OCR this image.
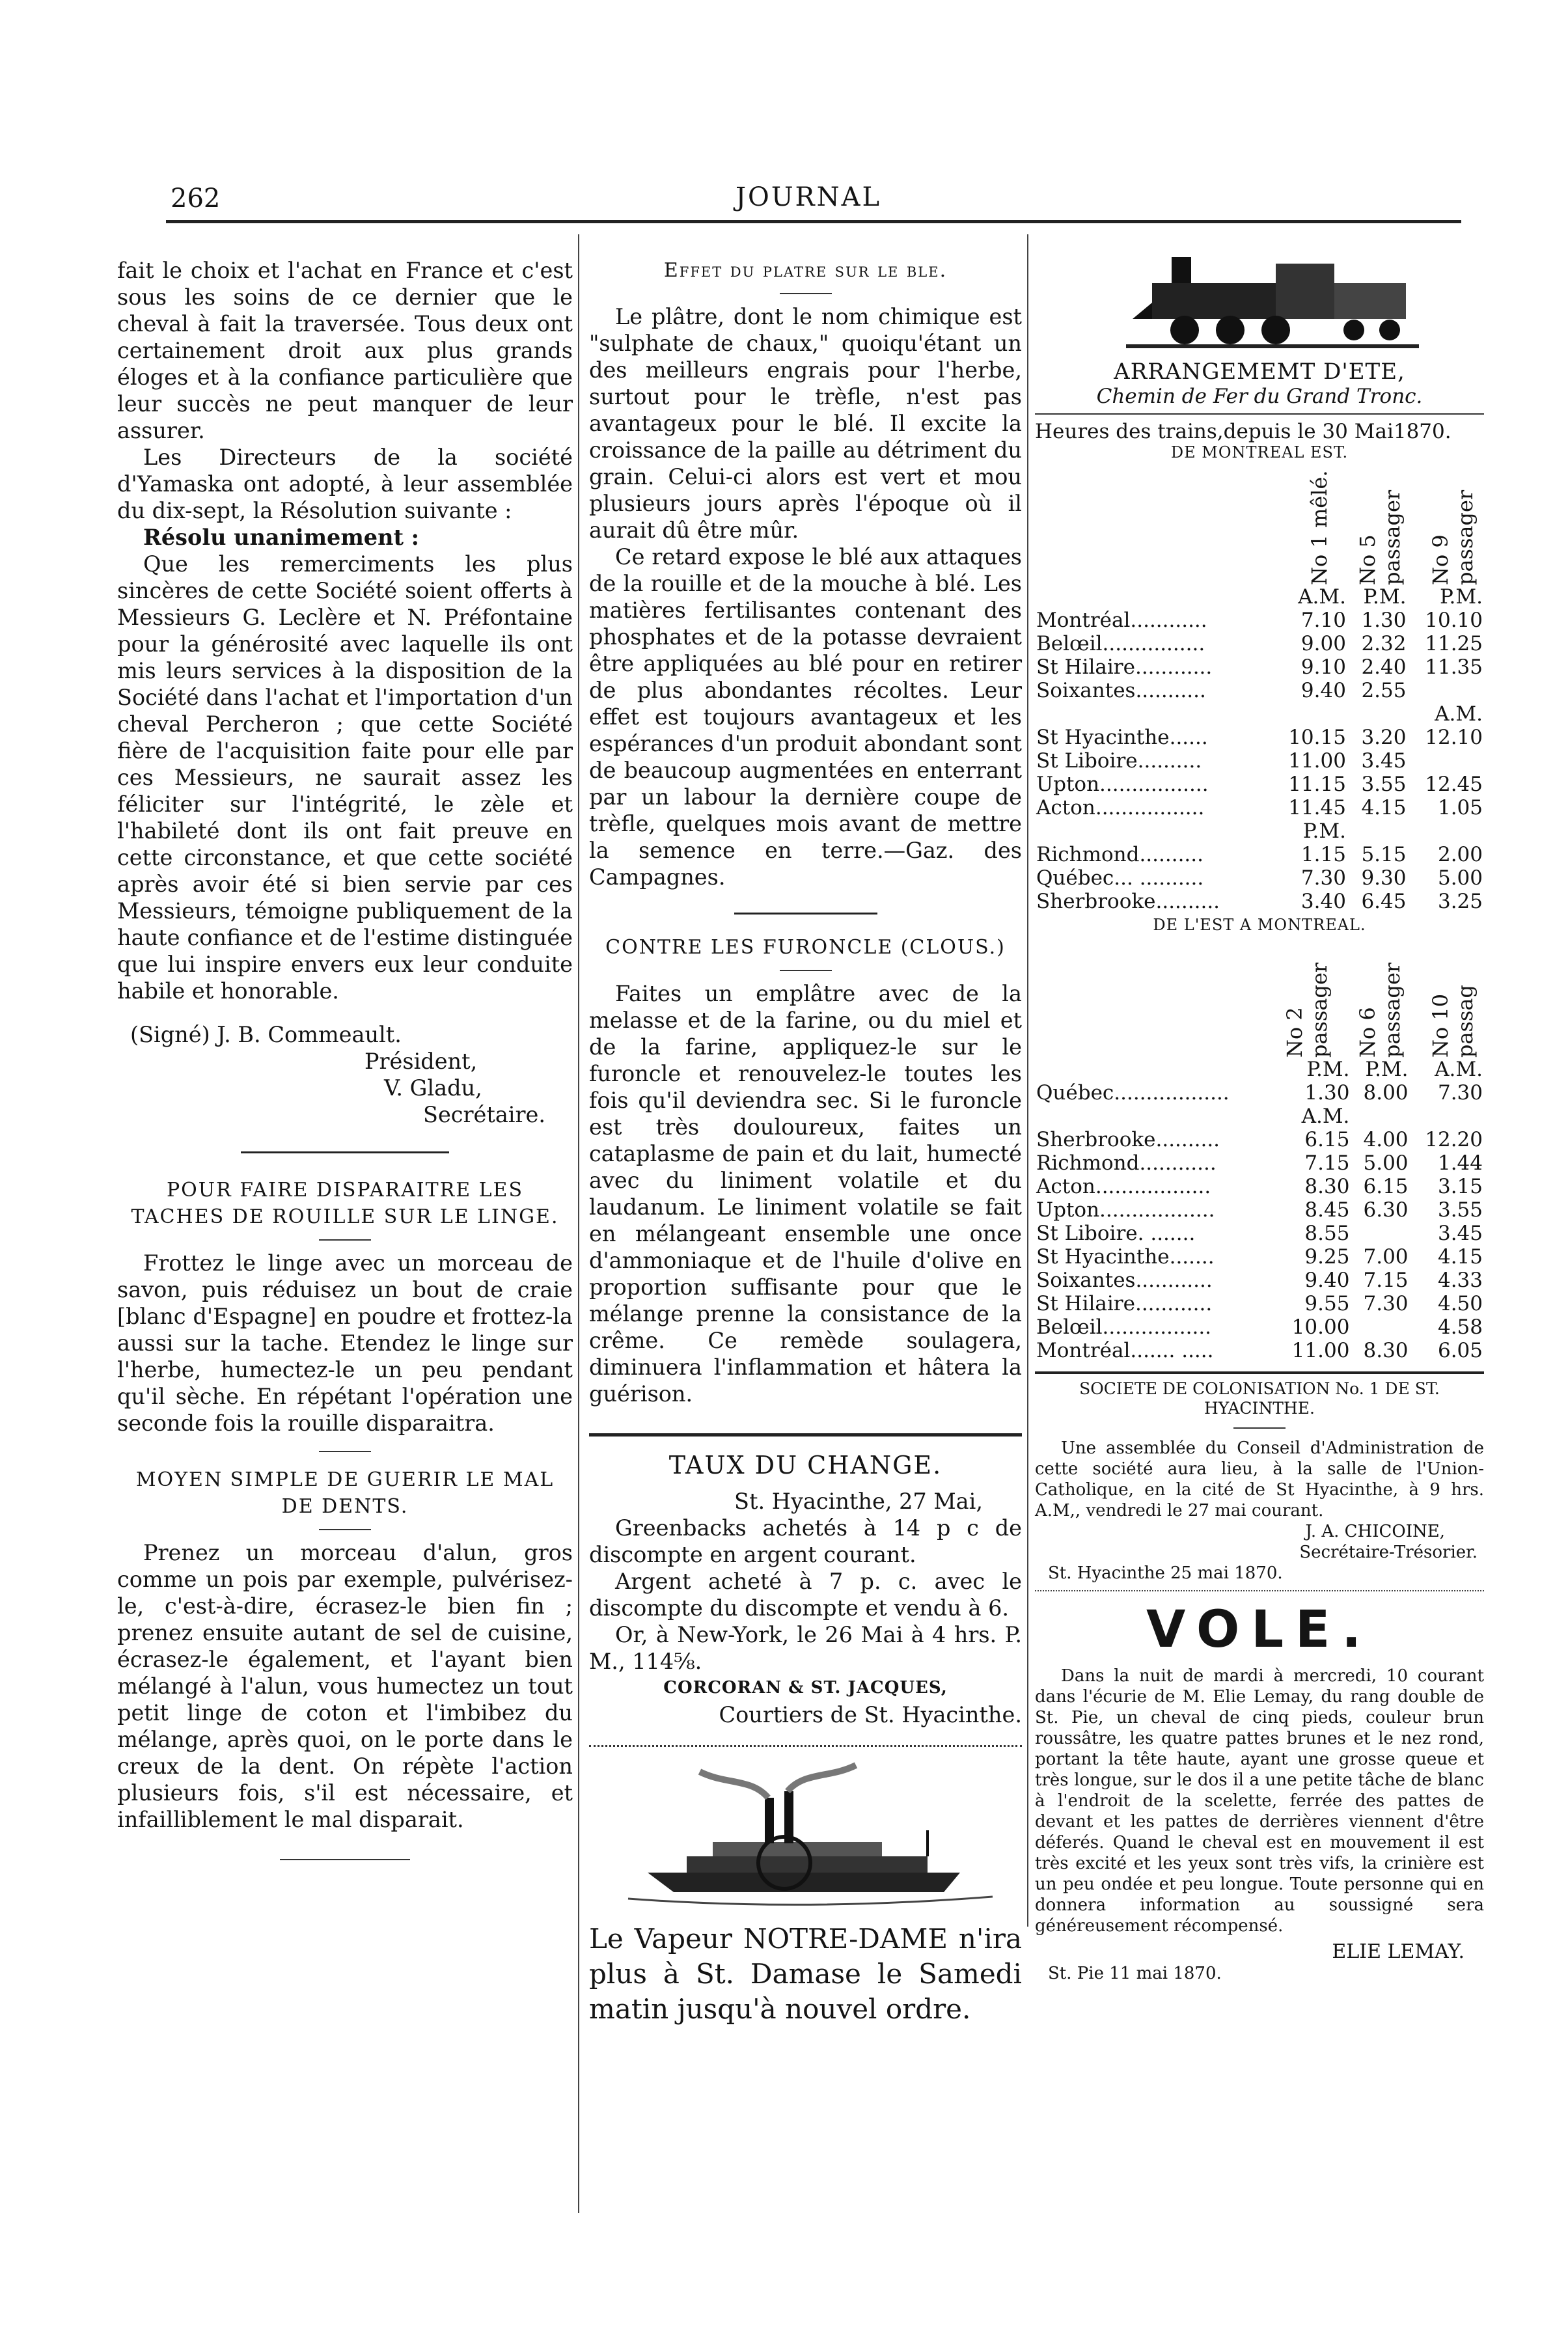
262	JOURNAL

fait le choix et l'achat en France et c'est sous les soins de ce dernier que le cheval à fait la traversée. Tous deux ont certainement droit aux plus grands éloges et à la confiance particulière que leur succès ne peut manquer de leur assurer.

Les Directeurs de la société d'Yamaska ont adopté, à leur assemblée du dix-sept, la Résolution suivante :

Résolu unanimement :

Que les remerciments les plus sincères de cette Société soient offerts à Messieurs G. Leclère et N. Préfontaine pour la générosité avec laquelle ils ont mis leurs services à la disposition de la Société dans l'achat et l'importation d'un cheval Percheron ; que cette Société fière de l'acquisition faite pour elle par ces Messieurs, ne saurait assez les féliciter sur l'intégrité, le zèle et l'habileté dont ils ont fait preuve en cette circonstance, et que cette société après avoir été si bien servie par ces Messieurs, témoigne publiquement de la haute confiance et de l'estime distinguée que lui inspire envers eux leur conduite habile et honorable.

(Signé) J. B. Commeault.
Président,
V. Gladu,
Secrétaire.
POUR FAIRE DISPARAITRE LES TACHES DE ROUILLE SUR LE LINGE.

Frottez le linge avec un morceau de savon, puis réduisez un bout de craie [blanc d'Espagne] en poudre et frottez-la aussi sur la tache. Etendez le linge sur l'herbe, humectez-le un peu pendant qu'il sèche. En répétant l'opération une seconde fois la rouille disparaitra.

MOYEN SIMPLE DE GUERIR LE MAL DE DENTS.

Prenez un morceau d'alun, gros comme un pois par exemple, pulvérisez-le, c'est-à-dire, écrasez-le bien fin ; prenez ensuite autant de sel de cuisine, écrasez-le également, et l'ayant bien mélangé à l'alun, vous humectez un tout petit linge de coton et l'imbibez du mélange, après quoi, on le porte dans le creux de la dent. On répète l'action plusieurs fois, s'il est nécessaire, et infailliblement le mal disparait.

Effet du platre sur le ble.

Le plâtre, dont le nom chimique est "sulphate de chaux," quoiqu'étant un des meilleurs engrais pour l'herbe, surtout pour le trèfle, n'est pas avantageux pour le blé. Il excite la croissance de la paille au détriment du grain. Celui-ci alors est vert et mou plusieurs jours après l'époque où il aurait dû être mûr.

Ce retard expose le blé aux attaques de la rouille et de la mouche à blé. Les matières fertilisantes contenant des phosphates et de la potasse devraient être appliquées au blé pour en retirer de plus abondantes récoltes. Leur effet est toujours avantageux et les espérances d'un produit abondant sont de beaucoup augmentées en enterrant par un labour la dernière coupe de trèfle, quelques mois avant de mettre la semence en terre.—Gaz. des Campagnes.

CONTRE LES FURONCLE (CLOUS.)

Faites un emplâtre avec de la melasse et de la farine, ou du miel et de la farine, appliquez-le sur le furoncle et renouvelez-le toutes les fois qu'il deviendra sec. Si le furoncle est très douloureux, faites un cataplasme de pain et du lait, humecté avec du liniment volatile et du laudanum. Le liniment volatile se fait en mélangeant ensemble une once d'ammoniaque et de l'huile d'olive en proportion suffisante pour que le mélange prenne la consistance de la crême. Ce remède soulagera, diminuera l'inflammation et hâtera la guérison.

TAUX DU CHANGE.
St. Hyacinthe, 27 Mai,

Greenbacks achetés à 14 p c de discompte en argent courant.

Argent acheté à 7 p. c. avec le discompte du discompte et vendu à 6.

Or, à New-York, le 26 Mai à 4 hrs. P. M., 114⅝.

CORCORAN & ST. JACQUES,
Courtiers de St. Hyacinthe.
Le Vapeur NOTRE-DAME n'ira plus à St. Damase le Samedi matin jusqu'à nouvel ordre.
ARRANGEMEMT D'ETE,
Chemin de Fer du Grand Tronc.
Heures des trains,depuis le 30 Mai1870.
DE MONTREAL EST.
No 1 mêlé. No 5 passager No 9 passager
	A.M.	P.M.	P.M.
Montréal............	7.10	1.30	10.10
Belœil................	9.00	2.32	11.25
St Hilaire............	9.10	2.40	11.35
Soixantes...........	9.40	2.55	
			A.M.
St Hyacinthe......	10.15	3.20	12.10
St Liboire..........	11.00	3.45	
Upton.................	11.15	3.55	12.45
Acton.................	11.45	4.15	1.05
	P.M.		
Richmond..........	1.15	5.15	2.00
Québec... ..........	7.30	9.30	5.00
Sherbrooke..........	3.40	6.45	3.25
DE L'EST A MONTREAL.
No 2 passager No 6 passager No 10 passag
	P.M.	P.M.	A.M.
Québec..................	1.30	8.00	7.30
	A.M.		
Sherbrooke..........	6.15	4.00	12.20
Richmond............	7.15	5.00	1.44
Acton..................	8.30	6.15	3.15
Upton..................	8.45	6.30	3.55
St Liboire. .......	8.55		3.45
St Hyacinthe.......	9.25	7.00	4.15
Soixantes............	9.40	7.15	4.33
St Hilaire............	9.55	7.30	4.50
Belœil.................	10.00		4.58
Montréal....... .....	11.00	8.30	6.05
SOCIETE DE COLONISATION No. 1 DE ST. HYACINTHE.

Une assemblée du Conseil d'Administration de cette société aura lieu, à la salle de l'Union-Catholique, en la cité de St Hyacinthe, à 9 hrs. A.M,, vendredi le 27 mai courant.

J. A. CHICOINE,
Secrétaire-Trésorier.
St. Hyacinthe 25 mai 1870.
VOLE.

Dans la nuit de mardi à mercredi, 10 courant dans l'écurie de M. Elie Lemay, du rang double de St. Pie, un cheval de cinq pieds, couleur brun roussâtre, les quatre pattes brunes et le nez rond, portant la tête haute, ayant une grosse queue et très longue, sur le dos il a une petite tâche de blanc à l'endroit de la scelette, ferrée des pattes de devant et les pattes de derrières viennent d'être déferés. Quand le cheval est en mouvement il est très excité et les yeux sont très vifs, la crinière est un peu ondée et peu longue. Toute personne qui en donnera information au soussigné sera généreusement récompensé.

ELIE LEMAY.
St. Pie 11 mai 1870.
